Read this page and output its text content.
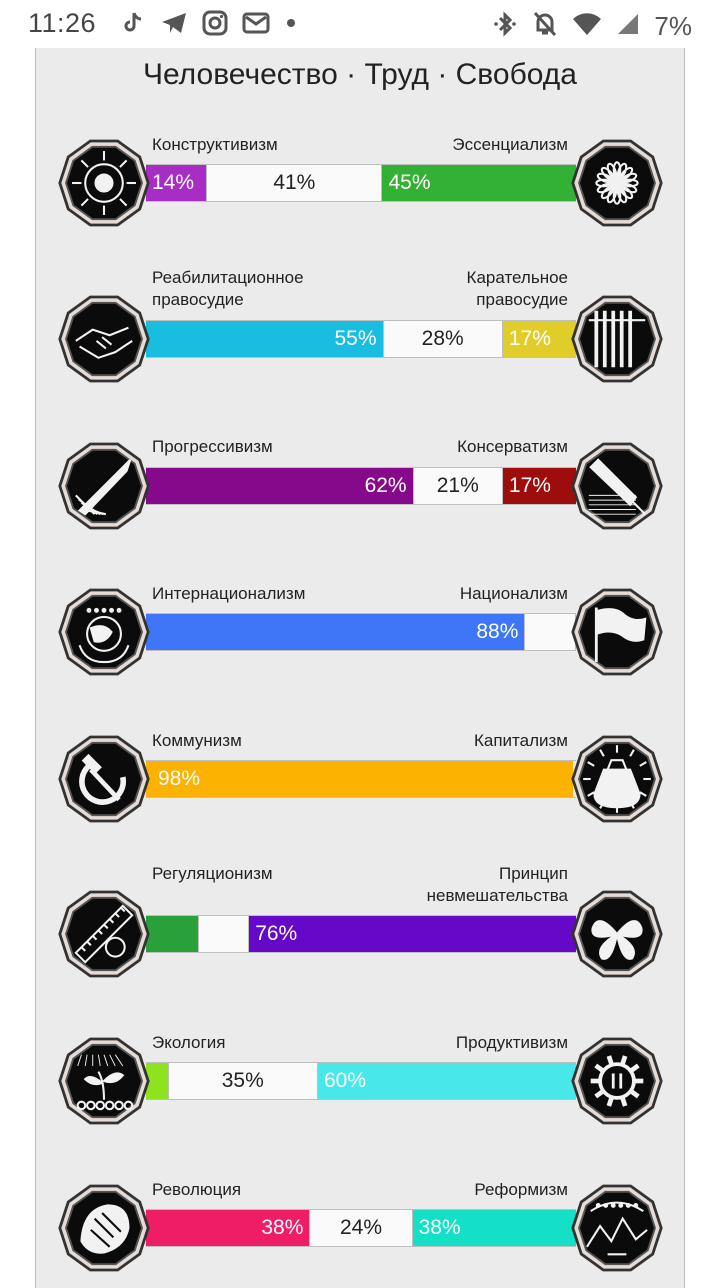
11:26	7%
Человечество · Труд · Свобода
Конструктивизм	Эссенциализм
14%	41%	45%
Реабилитационное правосудие
Карательное правосудие
55%	28%	17%
Прогрессивизм	Консерватизм
62%	21%	17%
Интернационализм	Национализм
88%
Коммунизм	Капитализм
98%
Регуляционизм	Принцип невмешательства
76%
Экология	Продуктивизм
35%	60%
Революция	Реформизм
38%	24%	38%
